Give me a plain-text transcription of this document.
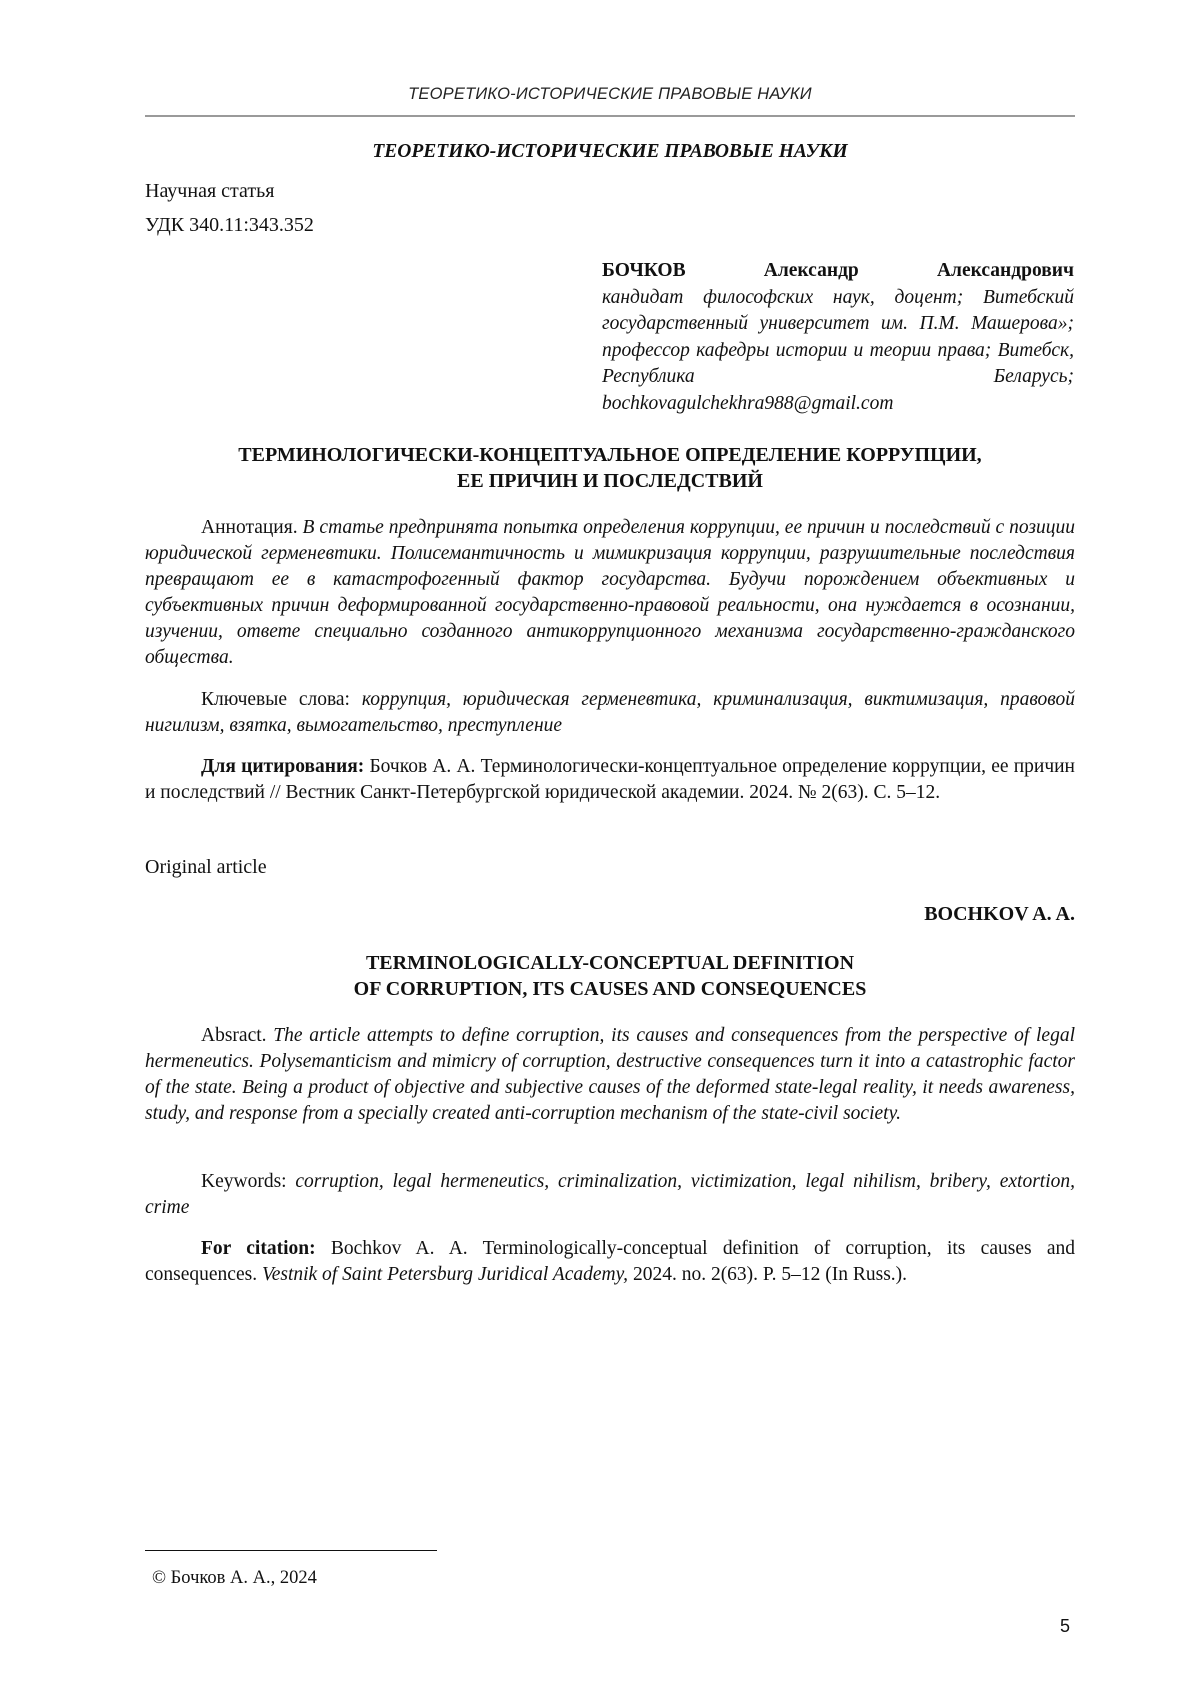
ТЕОРЕТИКО-ИСТОРИЧЕСКИЕ ПРАВОВЫЕ НАУКИ
ТЕОРЕТИКО-ИСТОРИЧЕСКИЕ ПРАВОВЫЕ НАУКИ
Научная статья
УДК 340.11:343.352
БОЧКОВ Александр Александрович
кандидат философских наук, доцент; Витебский государственный университет им. П.М. Машерова»; профессор кафедры истории и теории права; Витебск, Республика Беларусь; bochkovagulchekhra988@gmail.com
ТЕРМИНОЛОГИЧЕСКИ-КОНЦЕПТУАЛЬНОЕ ОПРЕДЕЛЕНИЕ КОРРУПЦИИ,
ЕЕ ПРИЧИН И ПОСЛЕДСТВИЙ
Аннотация. В статье предпринята попытка определения коррупции, ее причин и последствий с позиции юридической герменевтики. Полисемантичность и мимикризация коррупции, разрушительные последствия превращают ее в катастрофогенный фактор государства. Будучи порождением объективных и субъективных причин деформированной государственно-правовой реальности, она нуждается в осознании, изучении, ответе специально созданного антикоррупционного механизма государственно-гражданского общества.
Ключевые слова: коррупция, юридическая герменевтика, криминализация, виктимизация, правовой нигилизм, взятка, вымогательство, преступление
Для цитирования: Бочков А. А. Терминологически-концептуальное определение коррупции, ее причин и последствий // Вестник Санкт-Петербургской юридической академии. 2024. № 2(63). С. 5–12.
Original article
BOCHKOV A. A.
TERMINOLOGICALLY-CONCEPTUAL DEFINITION
OF CORRUPTION, ITS CAUSES AND CONSEQUENCES
Absract. The article attempts to define corruption, its causes and consequences from the perspective of legal hermeneutics. Polysemanticism and mimicry of corruption, destructive consequences turn it into a catastrophic factor of the state. Being a product of objective and subjective causes of the deformed state-legal reality, it needs awareness, study, and response from a specially created anti-corruption mechanism of the state-civil society.
Keywords: corruption, legal hermeneutics, criminalization, victimization, legal nihilism, bribery, extortion, crime
For citation: Bochkov A. A. Terminologically-conceptual definition of corruption, its causes and consequences. Vestnik of Saint Petersburg Juridical Academy, 2024. no. 2(63). P. 5–12 (In Russ.).
© Бочков А. А., 2024
5
